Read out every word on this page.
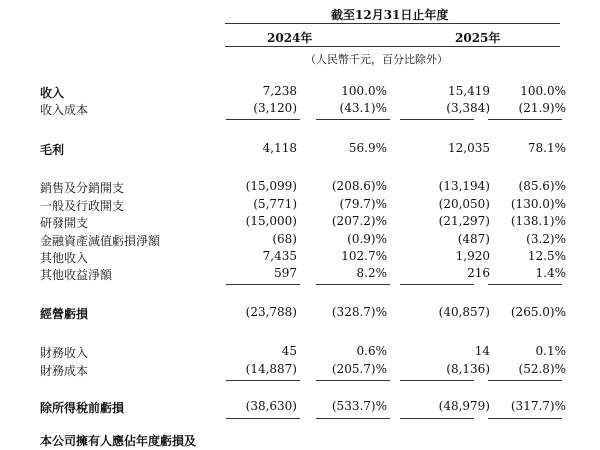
截至12月31日止年度
2024年	2025年
（人民幣千元，百分比除外）
收入	7,238	100.0%	15,419	100.0%
收入成本	(3,120)	(43.1)%	(3,384)	(21.9)%
毛利	4,118	56.9%	12,035	78.1%
銷售及分銷開支	(15,099)	(208.6)%	(13,194)	(85.6)%
一般及行政開支	(5,771)	(79.7)%	(20,050)	(130.0)%
研發開支	(15,000)	(207.2)%	(21,297)	(138.1)%
金融資產減值虧損淨額	(68)	(0.9)%	(487)	(3.2)%
其他收入	7,435	102.7%	1,920	12.5%
其他收益淨額	597	8.2%	216	1.4%
經營虧損	(23,788)	(328.7)%	(40,857)	(265.0)%
財務收入	45	0.6%	14	0.1%
財務成本	(14,887)	(205.7)%	(8,136)	(52.8)%
除所得稅前虧損	(38,630)	(533.7)%	(48,979)	(317.7)%
本公司擁有人應佔年度虧損及
